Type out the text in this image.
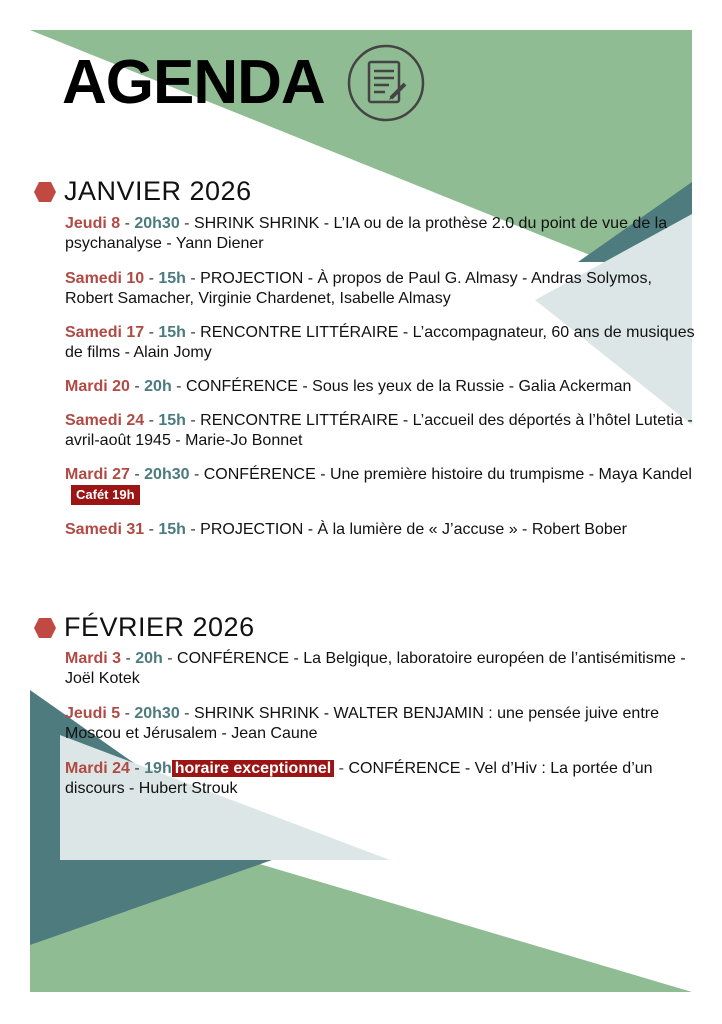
AGENDA
JANVIER 2026
Jeudi 8 - 20h30 - SHRINK SHRINK - L’IA ou de la prothèse 2.0 du point de vue de la psychanalyse - Yann Diener
Samedi 10 - 15h - PROJECTION - À propos de Paul G. Almasy - Andras Solymos, Robert Samacher, Virginie Chardenet, Isabelle Almasy
Samedi 17 - 15h - RENCONTRE LITTÉRAIRE - L’accompagnateur, 60 ans de musiques de films - Alain Jomy
Mardi 20 - 20h - CONFÉRENCE - Sous les yeux de la Russie - Galia Ackerman
Samedi 24 - 15h - RENCONTRE LITTÉRAIRE - L’accueil des déportés à l’hôtel Lutetia - avril-août 1945 - Marie-Jo Bonnet
Mardi 27 - 20h30 - CONFÉRENCE - Une première histoire du trumpisme - Maya KandelCafét 19h
Samedi 31 - 15h - PROJECTION - À la lumière de « J’accuse » - Robert Bober
FÉVRIER 2026
Mardi 3 - 20h - CONFÉRENCE - La Belgique, laboratoire européen de l’antisémitisme - Joël Kotek
Jeudi 5 - 20h30 - SHRINK SHRINK - WALTER BENJAMIN : une pensée juive entre Moscou et Jérusalem - Jean Caune
Mardi 24 - 19h horaire exceptionnel - CONFÉRENCE - Vel d’Hiv : La portée d’un discours - Hubert Strouk
